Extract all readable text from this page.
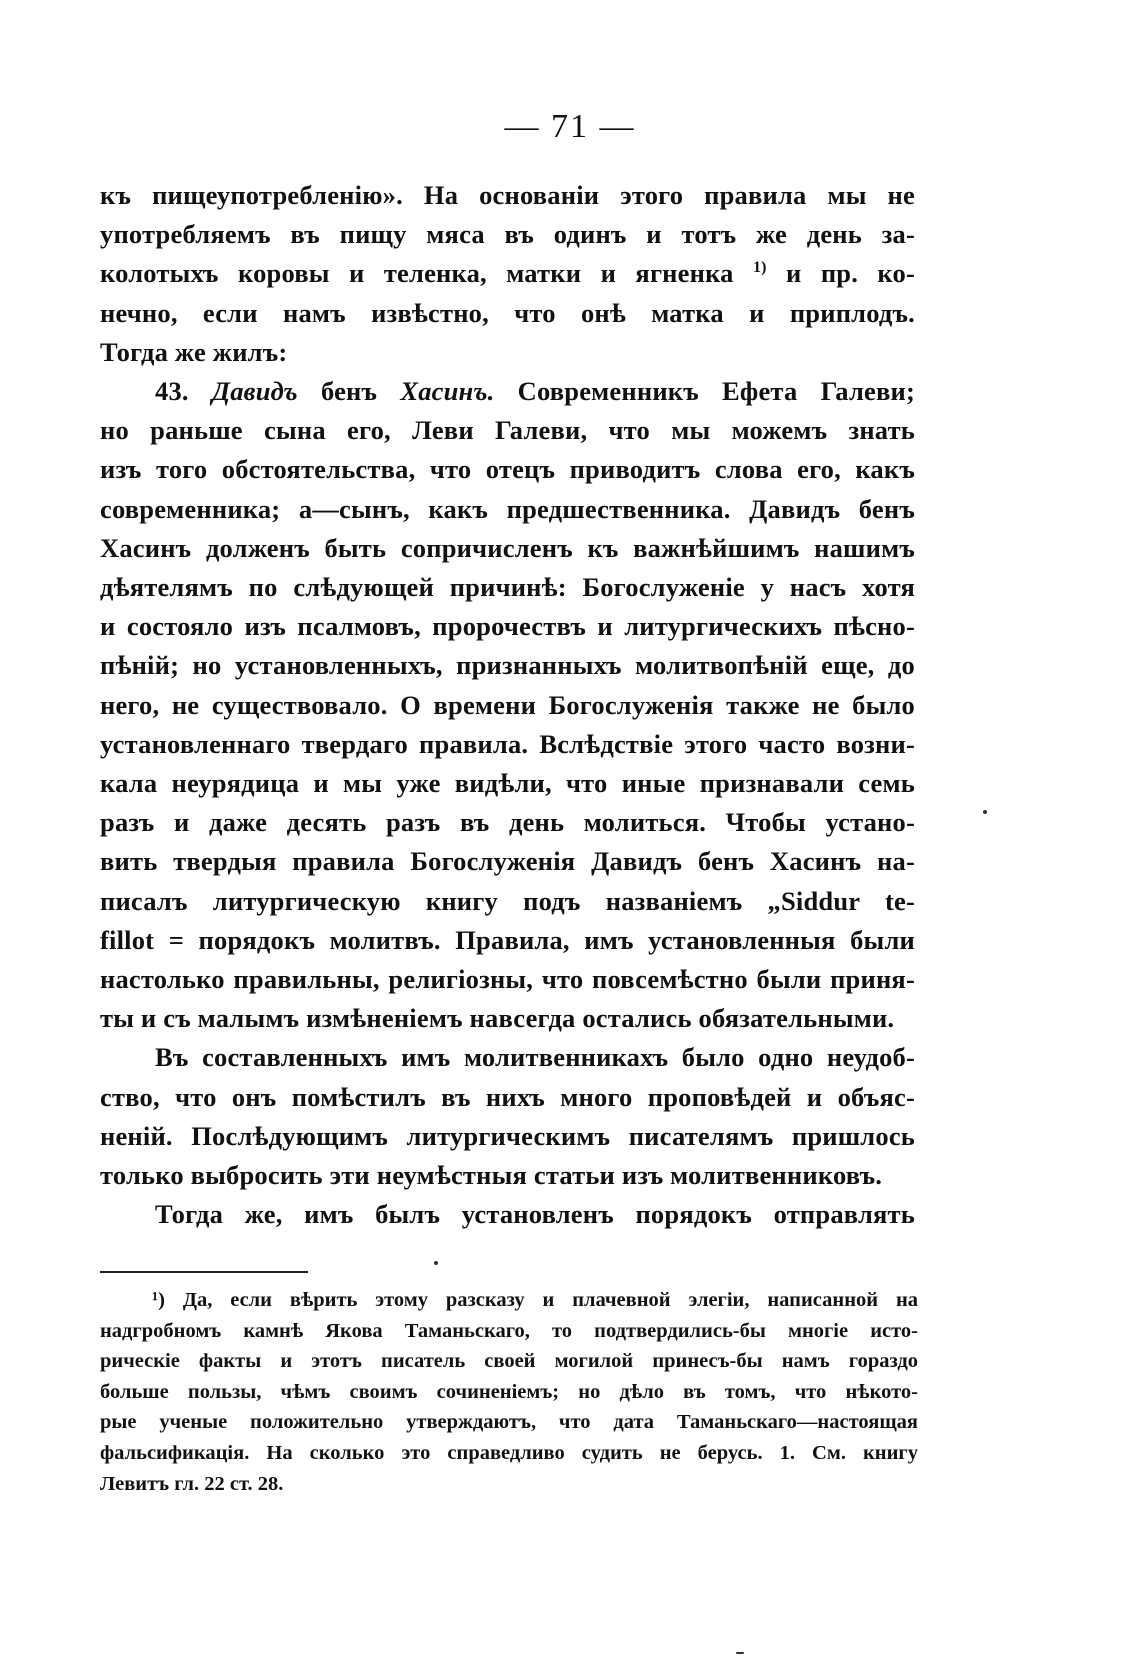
— 71 —
къ пищеупотребленію». На основаніи этого правила мы не
употребляемъ въ пищу мяса въ одинъ и тотъ же день за-
колотыхъ коровы и теленка, матки и ягненка $^{1)}$ и пр. ко-
нечно, если намъ извѣстно, что онѣ матка и приплодъ.
Тогда же жилъ:
43. Давидъ бенъ Хасинъ. Современникъ Ефета Галеви;
но раньше сына его, Леви Галеви, что мы можемъ знать
изъ того обстоятельства, что отецъ приводитъ слова его, какъ
современника; а—сынъ, какъ предшественника. Давидъ бенъ
Хасинъ долженъ быть сопричисленъ къ важнѣйшимъ нашимъ
дѣятелямъ по слѣдующей причинѣ: Богослуженіе у насъ хотя
и состояло изъ псалмовъ, пророчествъ и литургическихъ пѣсно-
пѣній; но установленныхъ, признанныхъ молитвопѣній еще, до
него, не существовало. О времени Богослуженія также не было
установленнаго твердаго правила. Вслѣдствіе этого часто возни-
кала неурядица и мы уже видѣли, что иные признавали семь
разъ и даже десять разъ въ день молиться. Чтобы устано-
вить твердыя правила Богослуженія Давидъ бенъ Хасинъ на-
писалъ литургическую книгу подъ названіемъ „Siddur te-
fillot = порядокъ молитвъ. Правила, имъ установленныя были
настолько правильны, религіозны, что повсемѣстно были приня-
ты и съ малымъ измѣненіемъ навсегда остались обязательными.
Въ составленныхъ имъ молитвенникахъ было одно неудоб-
ство, что онъ помѣстилъ въ нихъ много проповѣдей и объяс-
неній. Послѣдующимъ литургическимъ писателямъ пришлось
только выбросить эти неумѣстныя статьи изъ молитвенниковъ.
Тогда же, имъ былъ установленъ порядокъ отправлять
¹) Да, если вѣрить этому разсказу и плачевной элегіи, написанной на
надгробномъ камнѣ Якова Таманьскаго, то подтвердились-бы многіе исто-
рическіе факты и этотъ писатель своей могилой принесъ-бы намъ гораздо
больше пользы, чѣмъ своимъ сочиненіемъ; но дѣло въ томъ, что нѣкото-
рые ученые положительно утверждаютъ, что дата Таманьскаго—настоящая
фальсификація. На сколько это справедливо судить не берусь. 1. См. книгу
Левитъ гл. 22 ст. 28.
